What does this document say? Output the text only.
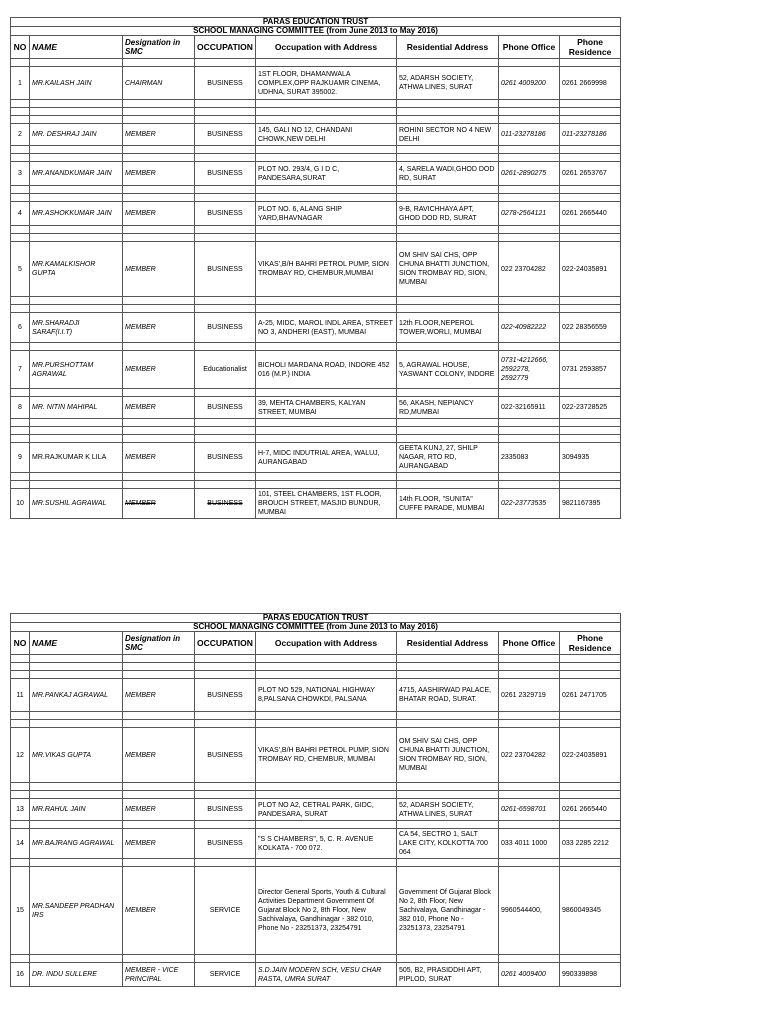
PARAS EDUCATION TRUST								
SCHOOL MANAGING COMMITTEE (from June 2013 to May 2016)								
NO	NAME	Designation in SMC	OCCUPATION	Occupation with Address	Residential Address	Phone Office	Phone Residence	

1	MR.KAILASH JAIN	CHAIRMAN	BUSINESS	1ST FLOOR, DHAMANWALA COMPLEX,OPP RAJKUAMR CINEMA, UDHNA, SURAT 395002.	52, ADARSH SOCIETY, ATHWA LINES, SURAT	0261 4009200	0261 2669998	

2	MR. DESHRAJ JAIN	MEMBER	BUSINESS	145, GALI NO 12, CHANDANI CHOWK,NEW DELHI	ROHINI SECTOR NO 4 NEW DELHI	011-23278186	011-23278186	

3	MR.ANANDKUMAR JAIN	MEMBER	BUSINESS	PLOT NO. 293/4, G I D C, PANDESARA,SURAT	4, SARELA WADI,GHOD DOD RD, SURAT	0261-2890275	0261 2653767	

4	MR.ASHOKKUMAR JAIN	MEMBER	BUSINESS	PLOT NO. 6, ALANG SHIP YARD,BHAVNAGAR	9-B, RAVICHHAYA APT, GHOD DOD RD, SURAT	0278-2564121	0261 2665440	

5	MR.KAMALKISHOR GUPTA	MEMBER	BUSINESS	VIKAS',B/H BAHRI PETROL PUMP, SION TROMBAY RD, CHEMBUR,MUMBAI	OM SHIV SAI CHS, OPP CHUNA BHATTI JUNCTION, SION TROMBAY RD, SION, MUMBAI	022 23704282	022-24035891	

6	MR.SHARADJI SARAF(I.I.T)	MEMBER	BUSINESS	A-25, MIDC, MAROL INDL AREA, STREET NO 3, ANDHERI (EAST), MUMBAI	12th FLOOR,NEPEROL TOWER,WORLI, MUMBAI	022-40982222	022 28356559	

7	MR.PURSHOTTAM AGRAWAL	MEMBER	Educationalist	BICHOLI MARDANA ROAD, INDORE 452 016 (M.P.) INDIA	5, AGRAWAL HOUSE, YASWANT COLONY, INDORE	0731-4212666, 2592278, 2592779	0731 2593857	

8	MR. NITIN MAHIPAL	MEMBER	BUSINESS	39, MEHTA CHAMBERS, KALYAN STREET, MUMBAI	56, AKASH, NEPIANCY RD,MUMBAI	022-32165911	022-23728525	

9	MR.RAJKUMAR K LILA	MEMBER	BUSINESS	H-7, MIDC INDUTRIAL AREA, WALUJ, AURANGABAD	GEETA KUNJ, 27, SHILP NAGAR, RTO RD, AURANGABAD	2335083	3094935	

10	MR.SUSHIL AGRAWAL	MEMBER	BUSINESS	101, STEEL CHAMBERS, 1ST FLOOR, BROUCH STREET, MASJID BUNDUR, MUMBAI	14th FLOOR, "SUNITA" CUFFE PARADE, MUMBAI	022-23773535	9821167395	
PARAS EDUCATION TRUST								
SCHOOL MANAGING COMMITTEE (from June 2013 to May 2016)								
NO	NAME	Designation in SMC	OCCUPATION	Occupation with Address	Residential Address	Phone Office	Phone Residence	

11	MR.PANKAJ AGRAWAL	MEMBER	BUSINESS	PLOT NO 529, NATIONAL HIGHWAY 8,PALSANA CHOWKDI, PALSANA	4715, AASHIRWAD PALACE, BHATAR ROAD, SURAT.	0261 2329719	0261 2471705	

12	MR.VIKAS GUPTA	MEMBER	BUSINESS	VIKAS',B/H BAHRI PETROL PUMP, SION TROMBAY RD, CHEMBUR, MUMBAI	OM SHIV SAI CHS, OPP CHUNA BHATTI JUNCTION, SION TROMBAY RD, SION, MUMBAI	022 23704282	022-24035891	

13	MR.RAHUL JAIN	MEMBER	BUSINESS	PLOT NO A2, CETRAL PARK, GIDC, PANDESARA, SURAT	52, ADARSH SOCIETY, ATHWA LINES, SURAT	0261-6598701	0261 2665440	

14	MR.BAJRANG AGRAWAL	MEMBER	BUSINESS	"S S CHAMBERS", 5, C. R. AVENUE KOLKATA - 700 072.	CA 54, SECTRO 1, SALT LAKE CITY, KOLKOTTA 700 064	033 4011 1000	033 2285 2212	

15	MR.SANDEEP PRADHAN IRS	MEMBER	SERVICE	Director General Sports, Youth & Cultural Activities Department Government Of Gujarat Block No 2, 8th Floor, New Sachivalaya, Gandhinagar - 382 010, Phone No - 23251373, 23254791	Government Of Gujarat Block No 2, 8th Floor, New Sachivalaya, Gandhinagar - 382 010, Phone No - 23251373, 23254791	9960544400,	9860049345	

16	DR. INDU SULLERE	MEMBER - VICE PRINCIPAL	SERVICE	S.D.JAIN MODERN SCH, VESU CHAR RASTA, UMRA SURAT	505, B2, PRASIDDHI APT, PIPLOD, SURAT	0261 4009400	990339898	
